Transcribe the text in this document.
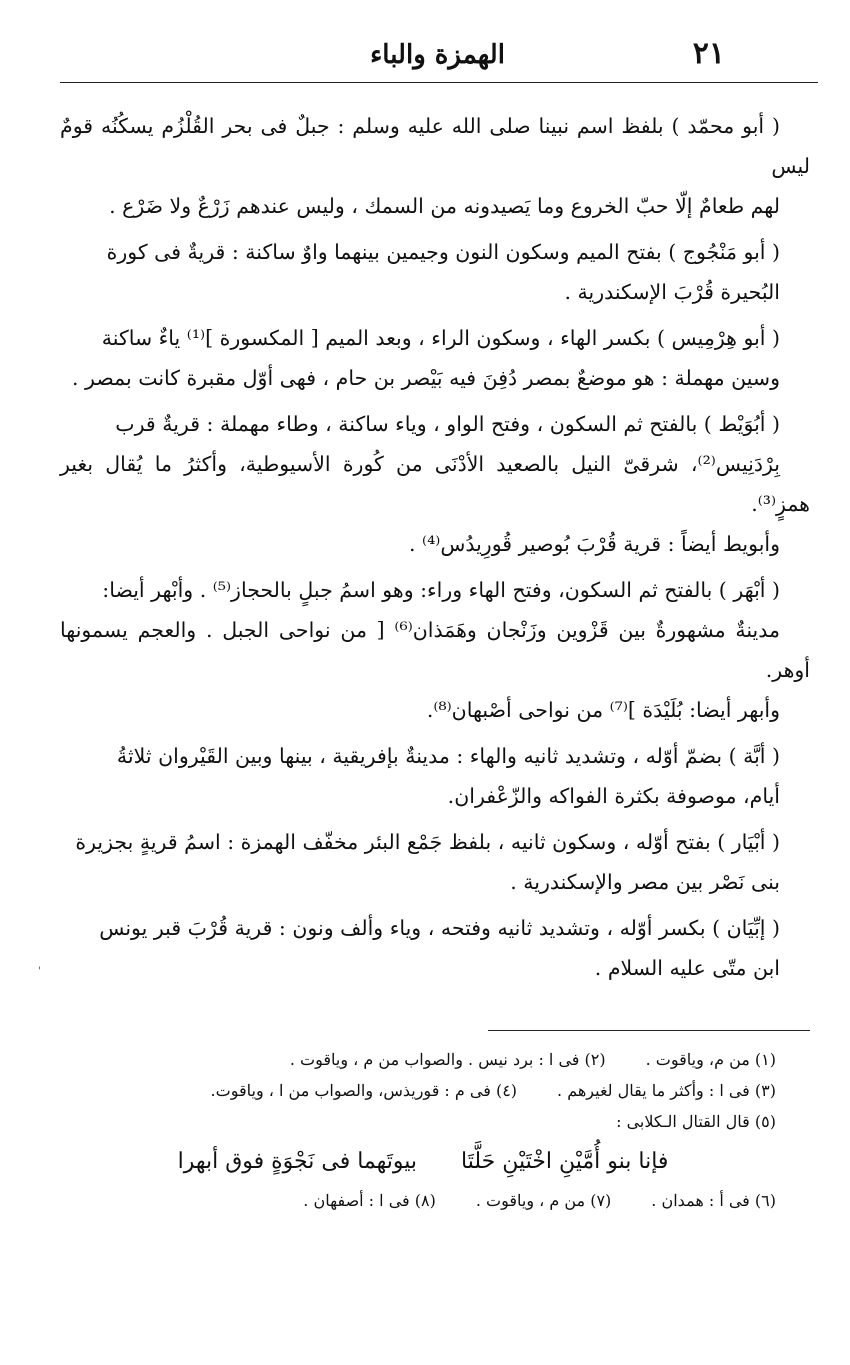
الهمزة والباء	٢١

( أبو محمّد ) بلفظ اسم نبينا صلى الله عليه وسلم : جبلٌ فى بحر القُلْزُم يسكُنُه قومٌ ليس
لهم طعامٌ إلّا حبّ الخروع وما يَصيدونه من السمك ، وليس عندهم زَرْعٌ ولا ضَرْع .

( أبو مَنْجُوج ) بفتح الميم وسكون النون وجيمين بينهما واوٌ ساكنة : قريةٌ فى كورة
البُحيرة قُرْبَ الإسكندرية .

( أبو هِرْمِيس ) بكسر الهاء ، وسكون الراء ، وبعد الميم [ المكسورة ]⁽¹⁾ ياءٌ ساكنة
وسين مهملة : هو موضعٌ بمصر دُفِنَ فيه بَيْصر بن حام ، فهى أوّل مقبرة كانت بمصر .

( أبُوَيْط ) بالفتح ثم السكون ، وفتح الواو ، وياء ساكنة ، وطاء مهملة : قريةٌ قرب
بِرْدَنِيس⁽²⁾، شرقىّ النيل بالصعيد الأدْنَى من كُورة الأسيوطية، وأكثرُ ما يُقال بغير همزٍ⁽³⁾.
وأبويط أيضاً : قرية قُرْبَ بُوصير قُورِيدُس⁽⁴⁾ .

( أبْهَر ) بالفتح ثم السكون، وفتح الهاء وراء: وهو اسمُ جبلٍ بالحجاز⁽⁵⁾ . وأبْهر أيضا:
مدينةٌ مشهورةٌ بين قَزْوين وزَنْجان وهَمَذان⁽⁶⁾ [ من نواحى الجبل . والعجم يسمونها أوهر.
وأبهر أيضا: بُلَيْدَة ]⁽⁷⁾ من نواحى أصْبهان⁽⁸⁾.

( أبَّة ) بضمّ أوّله ، وتشديد ثانيه والهاء : مدينةٌ بإفريقية ، بينها وبين القَيْروان ثلاثةُ
أيام، موصوفة بكثرة الفواكه والزّعْفران.

( أبْيَار ) بفتح أوّله ، وسكون ثانيه ، بلفظ جَمْع البئر مخفّف الهمزة : اسمُ قريةٍ بجزيرة
بنى نَصْر بين مصر والإسكندرية .

( إبِّيَان ) بكسر أوّله ، وتشديد ثانيه وفتحه ، وياء وألف ونون : قرية قُرْبَ قبر يونس
ابن متّى عليه السلام .

'
(١) من م، وياقوت .
(٢) فى ا : برد نيس . والصواب من م ، وياقوت .
(٣) فى ا : وأكثر ما يقال لغيرهم .
(٤) فى م : قوريذس، والصواب من ا ، وياقوت.
(٥) قال القتال الـكلابى :
فإنا بنو أُمَّيْنِ اخْتَيْنِ حَلَّتَا
بيوتَهما فى نَجْوَةٍ فوق أبهرا
(٦) فى أ : همدان .
(٧) من م ، وياقوت .
(٨) فى ا : أصفهان .
